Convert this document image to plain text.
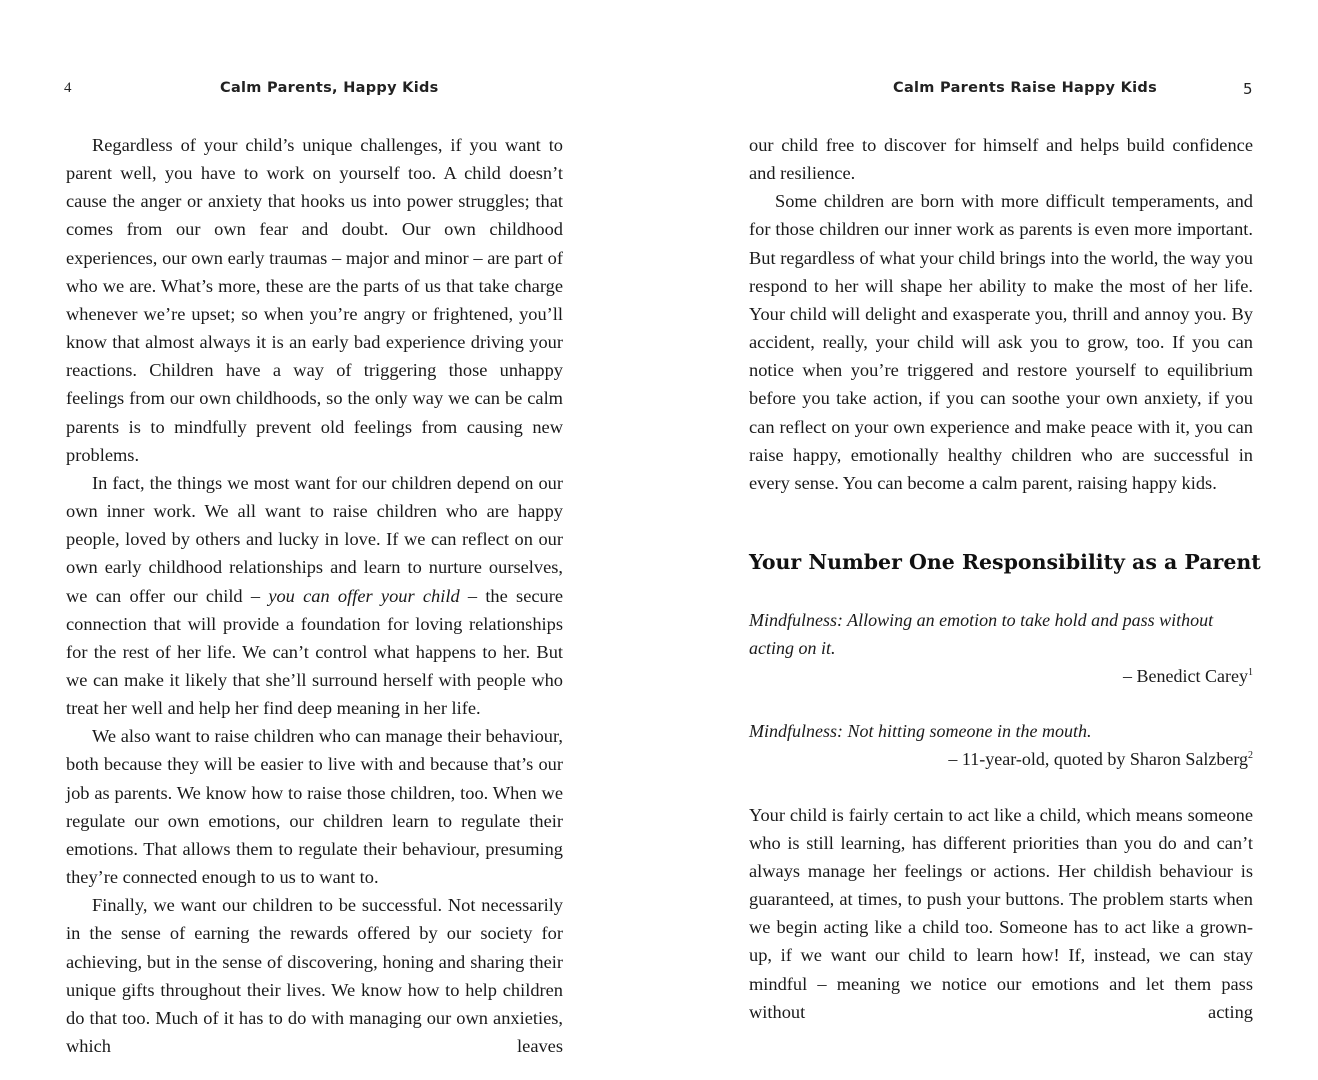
4	Calm Parents, Happy Kids

Regardless of your child’s unique challenges, if you want to parent well, you have to work on yourself too. A child doesn’t cause the anger or anxiety that hooks us into power struggles; that comes from our own fear and doubt. Our own childhood experiences, our own early traumas – major and minor – are part of who we are. What’s more, these are the parts of us that take charge whenever we’re upset; so when you’re angry or frightened, you’ll know that almost always it is an early bad experience driving your reactions. Children have a way of triggering those unhappy feelings from our own childhoods, so the only way we can be calm parents is to mindfully prevent old feelings from causing new problems.

In fact, the things we most want for our children depend on our own inner work. We all want to raise children who are happy people, loved by others and lucky in love. If we can reflect on our own early childhood relationships and learn to nurture ourselves, we can offer our child – you can offer your child – the secure connection that will provide a foundation for loving relationships for the rest of her life. We can’t control what happens to her. But we can make it likely that she’ll surround herself with people who treat her well and help her find deep meaning in her life.

We also want to raise children who can manage their behaviour, both because they will be easier to live with and because that’s our job as parents. We know how to raise those children, too. When we regulate our own emotions, our children learn to regulate their emotions. That allows them to regulate their behaviour, presuming they’re connected enough to us to want to.

Finally, we want our children to be successful. Not necessarily in the sense of earning the rewards offered by our society for achieving, but in the sense of discovering, honing and sharing their unique gifts throughout their lives. We know how to help children do that too. Much of it has to do with managing our own anxieties, which leaves

Calm Parents Raise Happy Kids	5

our child free to discover for himself and helps build confidence and resilience.

Some children are born with more difficult temperaments, and for those children our inner work as parents is even more important. But regardless of what your child brings into the world, the way you respond to her will shape her ability to make the most of her life. Your child will delight and exasperate you, thrill and annoy you. By accident, really, your child will ask you to grow, too. If you can notice when you’re triggered and restore yourself to equilibrium before you take action, if you can soothe your own anxiety, if you can reflect on your own experience and make peace with it, you can raise happy, emotionally healthy children who are successful in every sense. You can become a calm parent, raising happy kids.

Your Number One Responsibility as a Parent

Mindfulness: Allowing an emotion to take hold and pass without acting on it.

– Benedict Carey$^1$

Mindfulness: Not hitting someone in the mouth.

– 11-year-old, quoted by Sharon Salzberg$^2$

Your child is fairly certain to act like a child, which means someone who is still learning, has different priorities than you do and can’t always manage her feelings or actions. Her childish behaviour is guaranteed, at times, to push your buttons. The problem starts when we begin acting like a child too. Someone has to act like a grown-up, if we want our child to learn how! If, instead, we can stay mindful – meaning we notice our emotions and let them pass without acting
